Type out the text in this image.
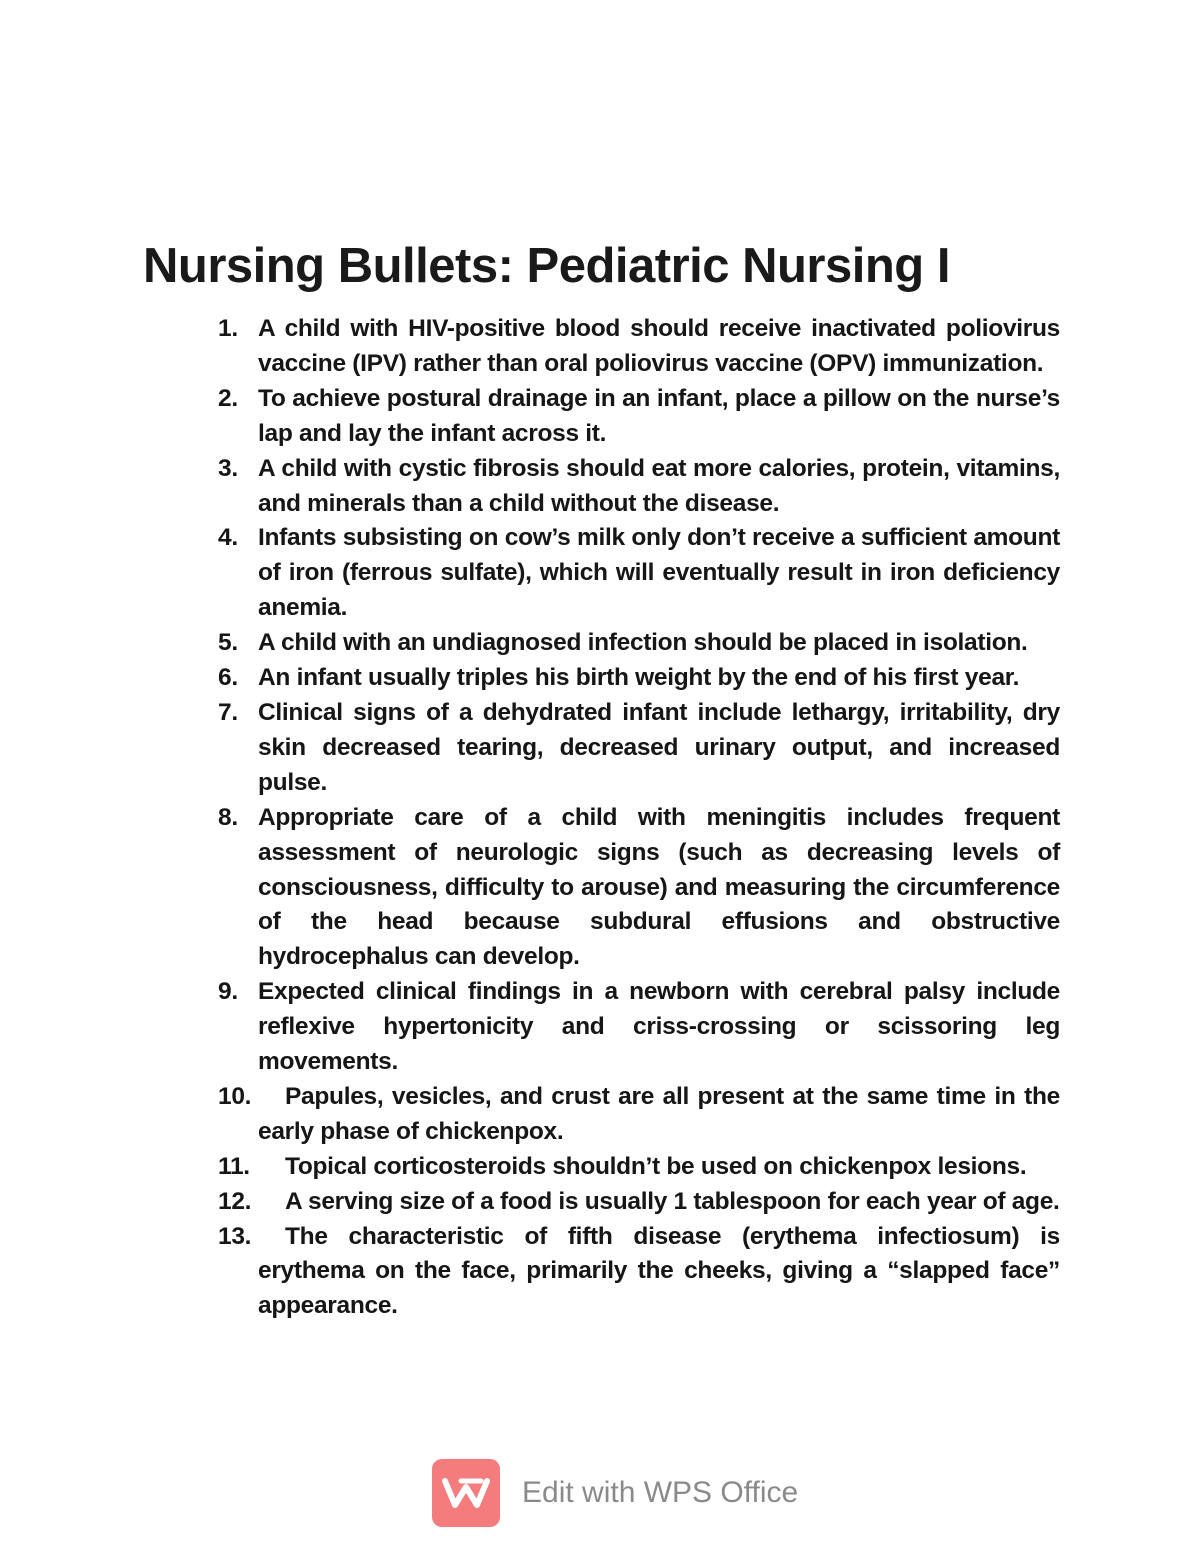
Nursing Bullets: Pediatric Nursing I
1. A child with HIV-positive blood should receive inactivated poliovirus vaccine (IPV) rather than oral poliovirus vaccine (OPV) immunization.
2. To achieve postural drainage in an infant, place a pillow on the nurse’s lap and lay the infant across it.
3. A child with cystic fibrosis should eat more calories, protein, vitamins, and minerals than a child without the disease.
4. Infants subsisting on cow’s milk only don’t receive a sufficient amount of iron (ferrous sulfate), which will eventually result in iron deficiency anemia.
5. A child with an undiagnosed infection should be placed in isolation.
6. An infant usually triples his birth weight by the end of his first year.
7. Clinical signs of a dehydrated infant include lethargy, irritability, dry skin decreased tearing, decreased urinary output, and increased pulse.
8. Appropriate care of a child with meningitis includes frequent assessment of neurologic signs (such as decreasing levels of consciousness, difficulty to arouse) and measuring the circumference of the head because subdural effusions and obstructive hydrocephalus can develop.
9. Expected clinical findings in a newborn with cerebral palsy include reflexive hypertonicity and criss-crossing or scissoring leg movements.
10.	Papules, vesicles, and crust are all present at the same time in the early phase of chickenpox.
11.	Topical corticosteroids shouldn’t be used on chickenpox lesions.
12.	A serving size of a food is usually 1 tablespoon for each year of age.
13.	The characteristic of fifth disease (erythema infectiosum) is erythema on the face, primarily the cheeks, giving a “slapped face” appearance.
Edit with WPS Office
